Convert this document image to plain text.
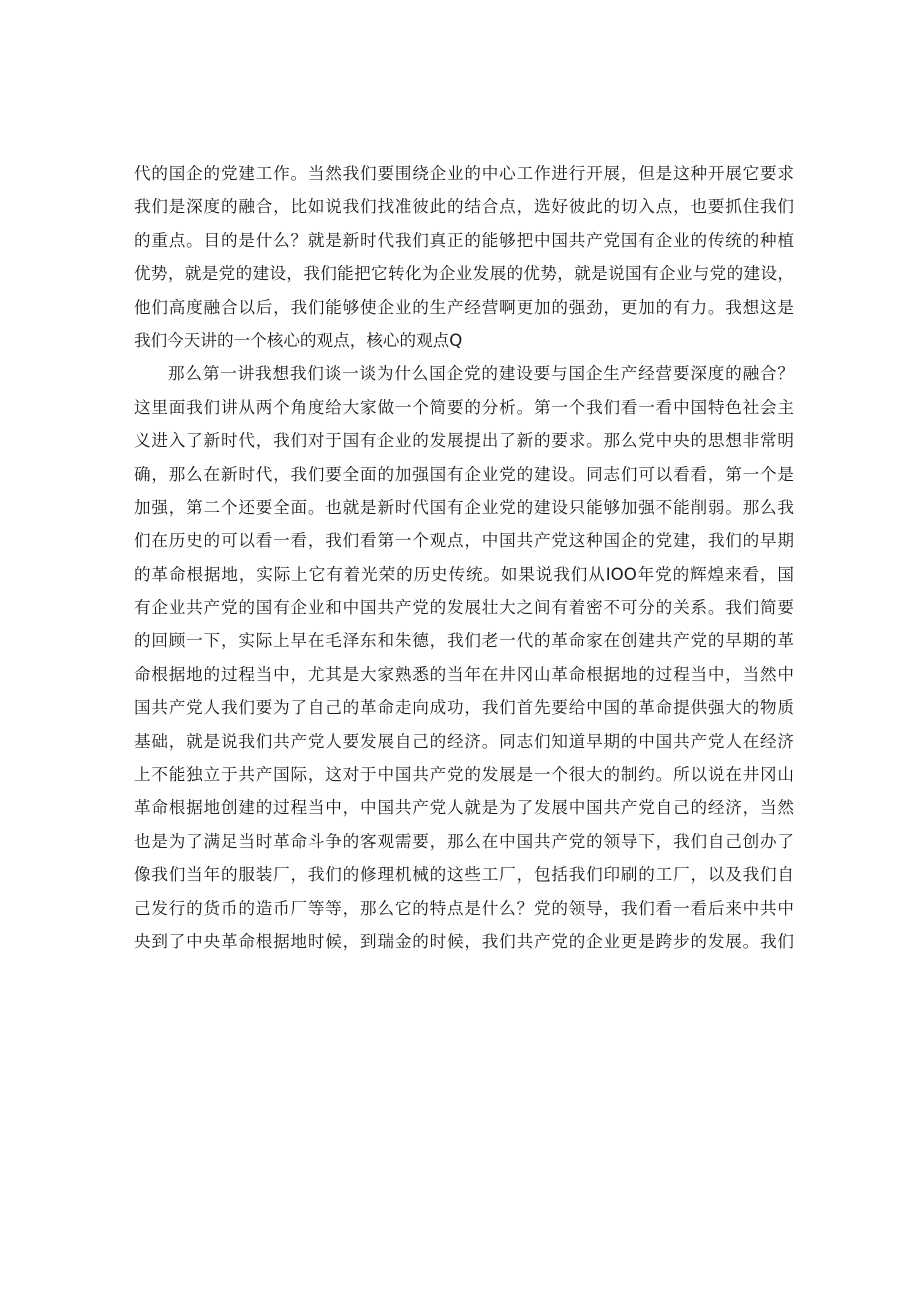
代的国企的党建工作。当然我们要围绕企业的中心工作进行开展，但是这种开展它要求
我们是深度的融合，比如说我们找准彼此的结合点，选好彼此的切入点，也要抓住我们
的重点。目的是什么？就是新时代我们真正的能够把中国共产党国有企业的传统的种植
优势，就是党的建设，我们能把它转化为企业发展的优势，就是说国有企业与党的建设，
他们高度融合以后，我们能够使企业的生产经营啊更加的强劲，更加的有力。我想这是
我们今天讲的一个核心的观点，核心的观点Q
那么第一讲我想我们谈一谈为什么国企党的建设要与国企生产经营要深度的融合？
这里面我们讲从两个角度给大家做一个简要的分析。第一个我们看一看中国特色社会主
义进入了新时代，我们对于国有企业的发展提出了新的要求。那么党中央的思想非常明
确，那么在新时代，我们要全面的加强国有企业党的建设。同志们可以看看，第一个是
加强，第二个还要全面。也就是新时代国有企业党的建设只能够加强不能削弱。那么我
们在历史的可以看一看，我们看第一个观点，中国共产党这种国企的党建，我们的早期
的革命根据地，实际上它有着光荣的历史传统。如果说我们从IOO年党的辉煌来看，国
有企业共产党的国有企业和中国共产党的发展壮大之间有着密不可分的关系。我们简要
的回顾一下，实际上早在毛泽东和朱德，我们老一代的革命家在创建共产党的早期的革
命根据地的过程当中，尤其是大家熟悉的当年在井冈山革命根据地的过程当中，当然中
国共产党人我们要为了自己的革命走向成功，我们首先要给中国的革命提供强大的物质
基础，就是说我们共产党人要发展自己的经济。同志们知道早期的中国共产党人在经济
上不能独立于共产国际，这对于中国共产党的发展是一个很大的制约。所以说在井冈山
革命根据地创建的过程当中，中国共产党人就是为了发展中国共产党自己的经济，当然
也是为了满足当时革命斗争的客观需要，那么在中国共产党的领导下，我们自己创办了
像我们当年的服装厂，我们的修理机械的这些工厂，包括我们印刷的工厂，以及我们自
己发行的货币的造币厂等等，那么它的特点是什么？党的领导，我们看一看后来中共中
央到了中央革命根据地时候，到瑞金的时候，我们共产党的企业更是跨步的发展。我们
